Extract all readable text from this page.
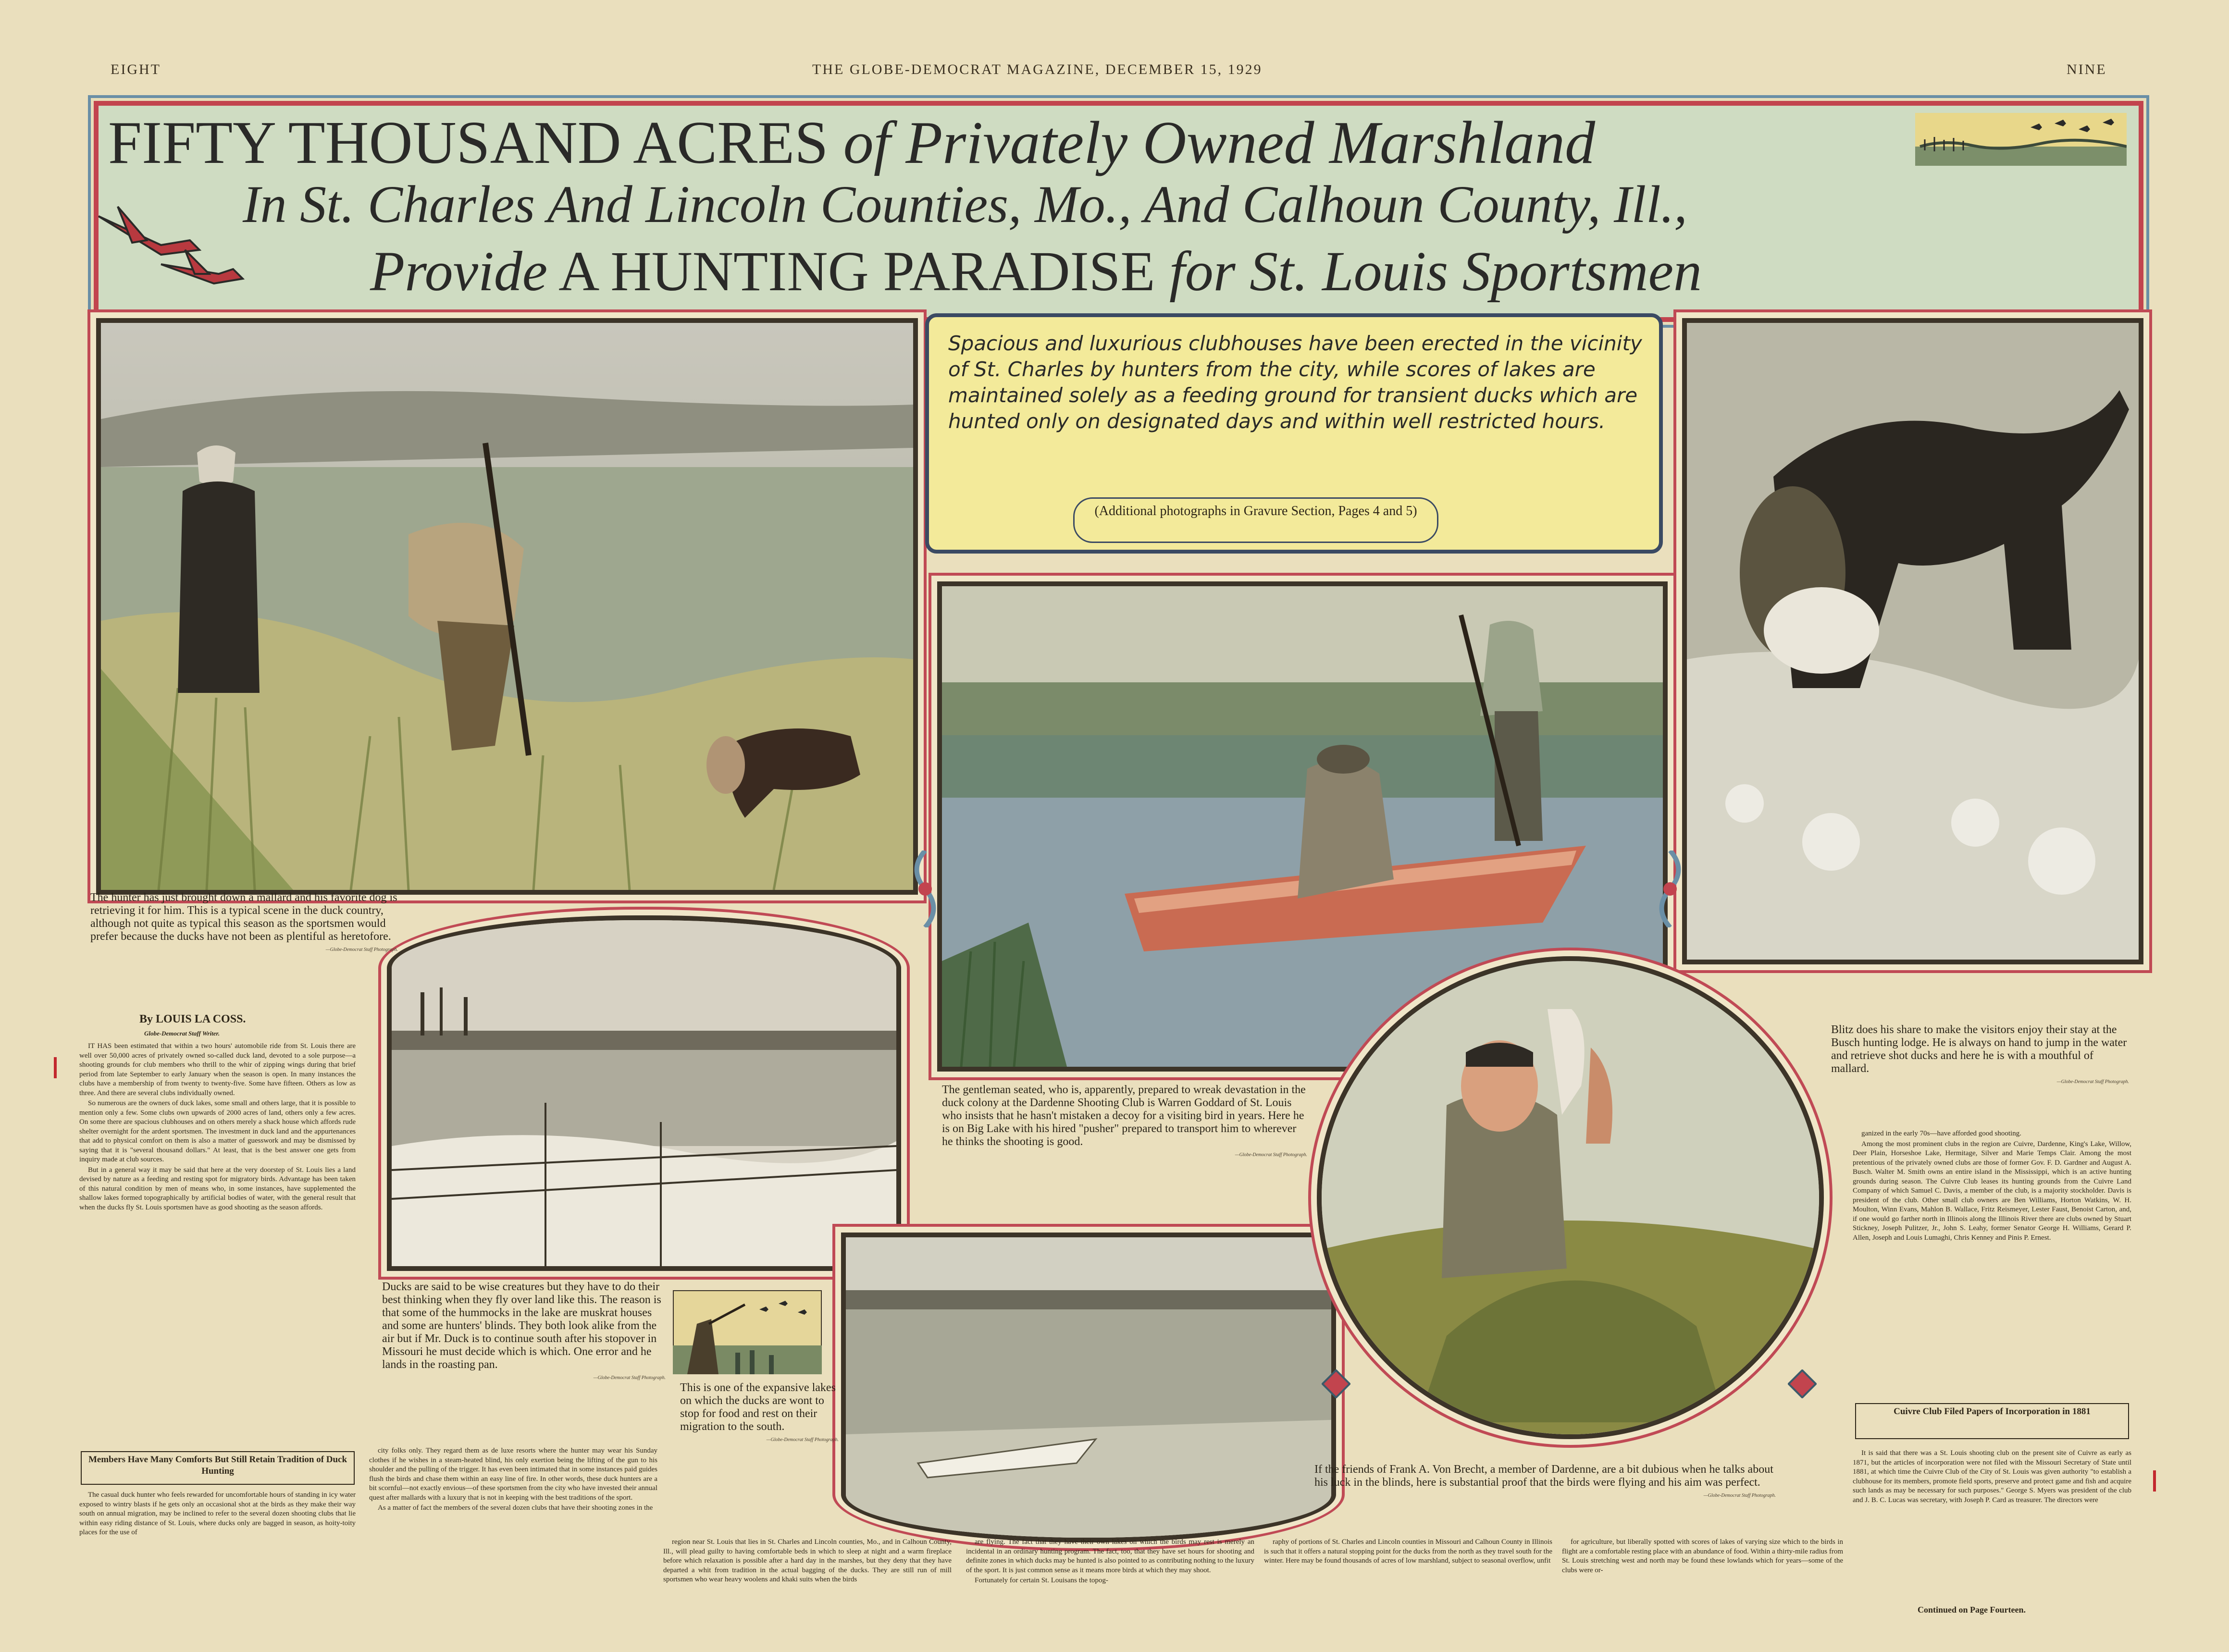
EIGHT	THE GLOBE-DEMOCRAT MAGAZINE, DECEMBER 15, 1929	NINE
FIFTY THOUSAND ACRES of Privately Owned Marshland
In St. Charles And Lincoln Counties, Mo., And Calhoun County, Ill.,
Provide A HUNTING PARADISE for St. Louis Sportsmen
Spacious and luxurious clubhouses have been erected in the vicinity of St. Charles by hunters from the city, while scores of lakes are maintained solely as a feeding ground for transient ducks which are hunted only on designated days and within well restricted hours.
(Additional photographs in Gravure Section, Pages 4 and 5)
The hunter has just brought down a mallard and his favorite dog is retrieving it for him. This is a typical scene in the duck country, although not quite as typical this season as the sportsmen would prefer because the ducks have not been as plentiful as heretofore.
—Globe-Democrat Staff Photograph.
The gentleman seated, who is, apparently, prepared to wreak devastation in the duck colony at the Dardenne Shooting Club is Warren Goddard of St. Louis who insists that he hasn't mistaken a decoy for a visiting bird in years. Here he is on Big Lake with his hired "pusher" prepared to transport him to wherever he thinks the shooting is good.
—Globe-Democrat Staff Photograph.
Blitz does his share to make the visitors enjoy their stay at the Busch hunting lodge. He is always on hand to jump in the water and retrieve shot ducks and here he is with a mouthful of mallard.
—Globe-Democrat Staff Photograph.
Ducks are said to be wise creatures but they have to do their best thinking when they fly over land like this. The reason is that some of the hummocks in the lake are muskrat houses and some are hunters' blinds. They both look alike from the air but if Mr. Duck is to continue south after his stopover in Missouri he must decide which is which. One error and he lands in the roasting pan.
—Globe-Democrat Staff Photograph.
This is one of the expansive lakes on which the ducks are wont to stop for food and rest on their migration to the south.
—Globe-Democrat Staff Photograph.
If the friends of Frank A. Von Brecht, a member of Dardenne, are a bit dubious when he talks about his luck in the blinds, here is substantial proof that the birds were flying and his aim was perfect.
—Globe-Democrat Staff Photograph.
By LOUIS LA COSS.
Globe-Democrat Staff Writer.

IT HAS been estimated that within a two hours' automobile ride from St. Louis there are well over 50,000 acres of privately owned so-called duck land, devoted to a sole purpose—a shooting grounds for club members who thrill to the whir of zipping wings during that brief period from late September to early January when the season is open. In many instances the clubs have a membership of from twenty to twenty-five. Some have fifteen. Others as low as three. And there are several clubs individually owned.

So numerous are the owners of duck lakes, some small and others large, that it is possible to mention only a few. Some clubs own upwards of 2000 acres of land, others only a few acres. On some there are spacious clubhouses and on others merely a shack house which affords rude shelter overnight for the ardent sportsmen. The investment in duck land and the appurtenances that add to physical comfort on them is also a matter of guesswork and may be dismissed by saying that it is "several thousand dollars." At least, that is the best answer one gets from inquiry made at club sources.

But in a general way it may be said that here at the very doorstep of St. Louis lies a land devised by nature as a feeding and resting spot for migratory birds. Advantage has been taken of this natural condition by men of means who, in some instances, have supplemented the shallow lakes formed topographically by artificial bodies of water, with the general result that when the ducks fly St. Louis sportsmen have as good shooting as the season affords.

Members Have Many Comforts But Still Retain Tradition of Duck Hunting

The casual duck hunter who feels rewarded for uncomfortable hours of standing in icy water exposed to wintry blasts if he gets only an occasional shot at the birds as they make their way south on annual migration, may be inclined to refer to the several dozen shooting clubs that lie within easy riding distance of St. Louis, where ducks only are bagged in season, as hoity-toity places for the use of

city folks only. They regard them as de luxe resorts where the hunter may wear his Sunday clothes if he wishes in a steam-heated blind, his only exertion being the lifting of the gun to his shoulder and the pulling of the trigger. It has even been intimated that in some instances paid guides flush the birds and chase them within an easy line of fire. In other words, these duck hunters are a bit scornful—not exactly envious—of these sportsmen from the city who have invested their annual quest after mallards with a luxury that is not in keeping with the best traditions of the sport.

As a matter of fact the members of the several dozen clubs that have their shooting zones in the

region near St. Louis that lies in St. Charles and Lincoln counties, Mo., and in Calhoun County, Ill., will plead guilty to having comfortable beds in which to sleep at night and a warm fireplace before which relaxation is possible after a hard day in the marshes, but they deny that they have departed a whit from tradition in the actual bagging of the ducks. They are still run of mill sportsmen who wear heavy woolens and khaki suits when the birds

are flying. The fact that they have their own lakes on which the birds may rest is merely an incidental in an ordinary hunting program. The fact, too, that they have set hours for shooting and definite zones in which ducks may be hunted is also pointed to as contributing nothing to the luxury of the sport. It is just common sense as it means more birds at which they may shoot.

Fortunately for certain St. Louisans the topog-

raphy of portions of St. Charles and Lincoln counties in Missouri and Calhoun County in Illinois is such that it offers a natural stopping point for the ducks from the north as they travel south for the winter. Here may be found thousands of acres of low marshland, subject to seasonal overflow, unfit

for agriculture, but liberally spotted with scores of lakes of varying size which to the birds in flight are a comfortable resting place with an abundance of food. Within a thirty-mile radius from St. Louis stretching west and north may be found these lowlands which for years—some of the clubs were or-

ganized in the early 70s—have afforded good shooting.

Among the most prominent clubs in the region are Cuivre, Dardenne, King's Lake, Willow, Deer Plain, Horseshoe Lake, Hermitage, Silver and Marie Temps Clair. Among the most pretentious of the privately owned clubs are those of former Gov. F. D. Gardner and August A. Busch. Walter M. Smith owns an entire island in the Mississippi, which is an active hunting grounds during season. The Cuivre Club leases its hunting grounds from the Cuivre Land Company of which Samuel C. Davis, a member of the club, is a majority stockholder. Davis is president of the club. Other small club owners are Ben Williams, Horton Watkins, W. H. Moulton, Winn Evans, Mahlon B. Wallace, Fritz Reismeyer, Lester Faust, Benoist Carton, and, if one would go farther north in Illinois along the Illinois River there are clubs owned by Stuart Stickney, Joseph Pulitzer, Jr., John S. Leahy, former Senator George H. Williams, Gerard P. Allen, Joseph and Louis Lumaghi, Chris Kenney and Pinis P. Ernest.

Cuivre Club Filed Papers of Incorporation in 1881

It is said that there was a St. Louis shooting club on the present site of Cuivre as early as 1871, but the articles of incorporation were not filed with the Missouri Secretary of State until 1881, at which time the Cuivre Club of the City of St. Louis was given authority "to establish a clubhouse for its members, promote field sports, preserve and protect game and fish and acquire such lands as may be necessary for such purposes." George S. Myers was president of the club and J. B. C. Lucas was secretary, with Joseph P. Card as treasurer. The directors were

Continued on Page Fourteen.
